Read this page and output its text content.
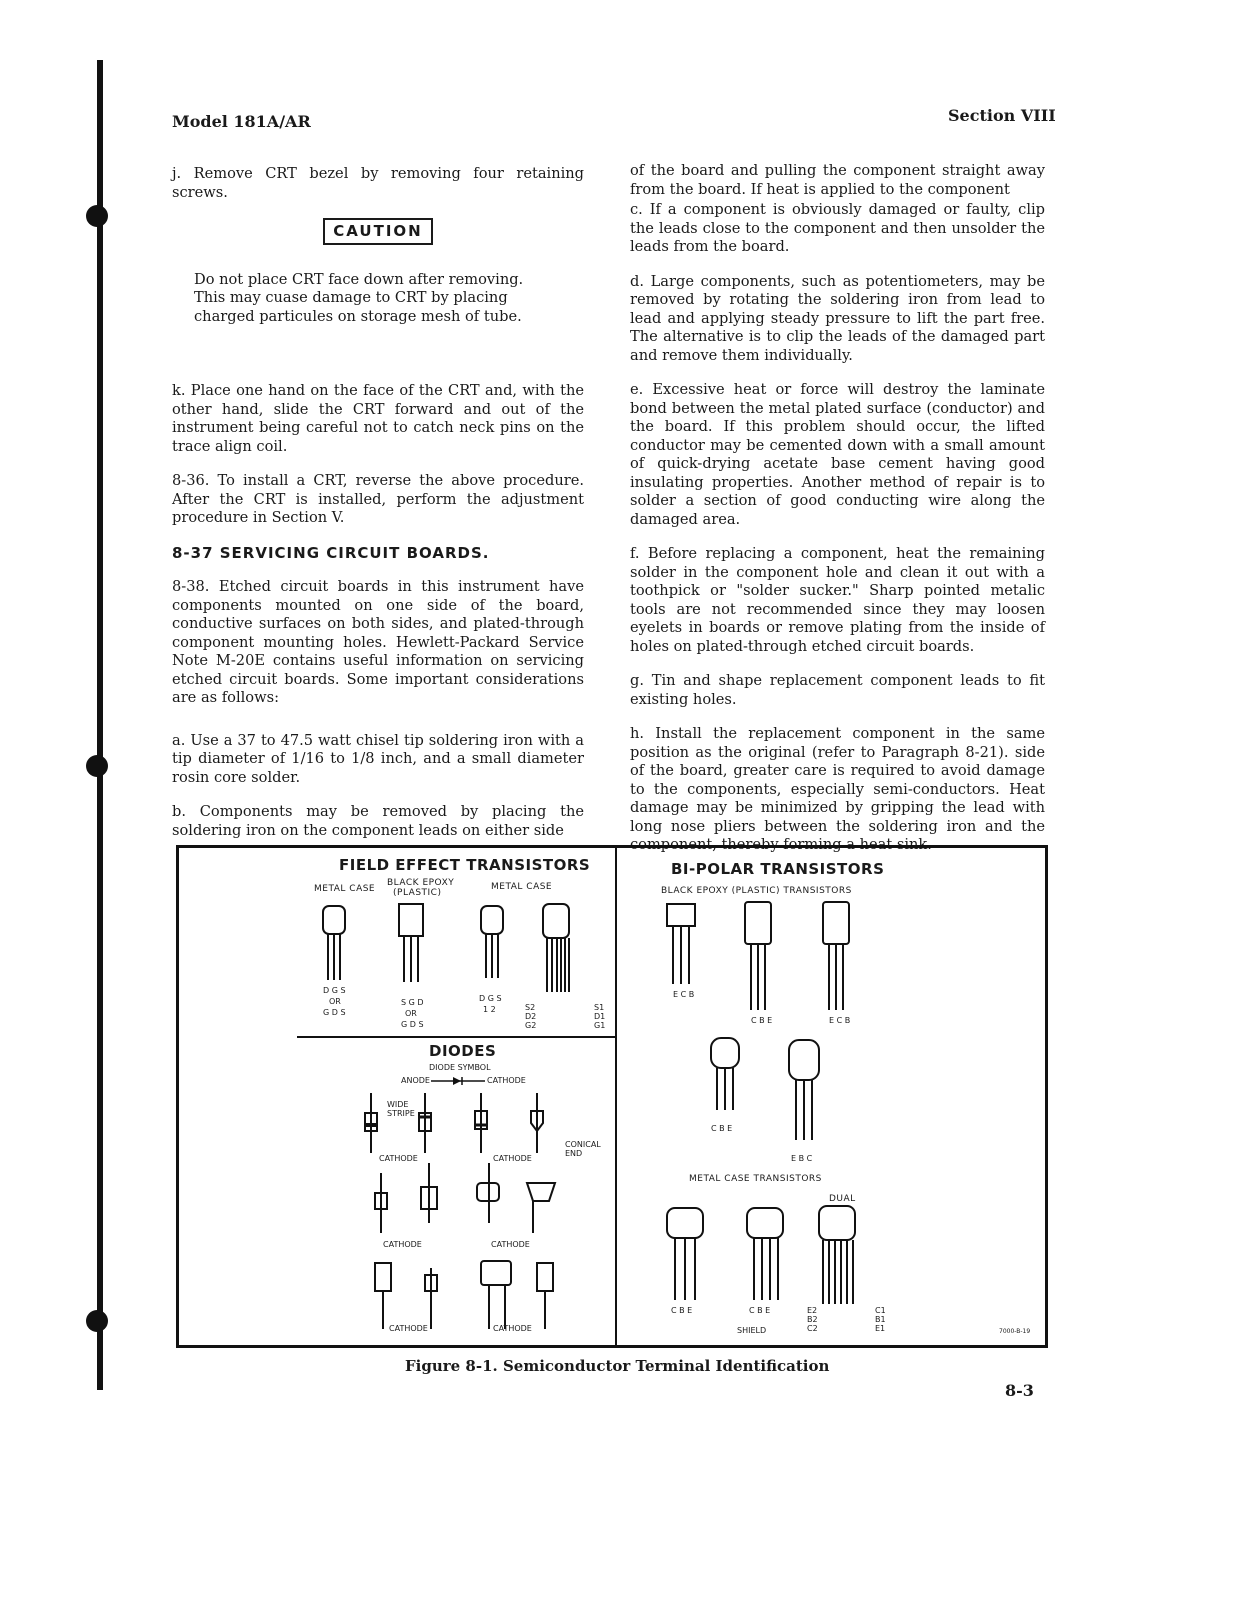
Model 181A/AR	Section VIII

j. Remove CRT bezel by removing four retaining screws.

CAUTION

Do not place CRT face down after removing. This may cuase damage to CRT by placing charged particules on storage mesh of tube.

k. Place one hand on the face of the CRT and, with the other hand, slide the CRT forward and out of the instrument being careful not to catch neck pins on the trace align coil.

8-36. To install a CRT, reverse the above procedure. After the CRT is installed, perform the adjustment procedure in Section V.

8-37 SERVICING CIRCUIT BOARDS.

8-38. Etched circuit boards in this instrument have components mounted on one side of the board, conductive surfaces on both sides, and plated-through component mounting holes. Hewlett-Packard Service Note M-20E contains useful information on servicing etched circuit boards. Some important considerations are as follows:

a. Use a 37 to 47.5 watt chisel tip soldering iron with a tip diameter of 1/16 to 1/8 inch, and a small diameter rosin core solder.

b. Components may be removed by placing the soldering iron on the component leads on either side

of the board and pulling the component straight away from the board. If heat is applied to the component

c. If a component is obviously damaged or faulty, clip the leads close to the component and then unsolder the leads from the board.

d. Large components, such as potentiometers, may be removed by rotating the soldering iron from lead to lead and applying steady pressure to lift the part free. The alternative is to clip the leads of the damaged part and remove them individually.

e. Excessive heat or force will destroy the laminate bond between the metal plated surface (conductor) and the board. If this problem should occur, the lifted conductor may be cemented down with a small amount of quick-drying acetate base cement having good insulating properties. Another method of repair is to solder a section of good conducting wire along the damaged area.

f. Before replacing a component, heat the remaining solder in the component hole and clean it out with a toothpick or "solder sucker." Sharp pointed metalic tools are not recommended since they may loosen eyelets in boards or remove plating from the inside of holes on plated-through etched circuit boards.

g. Tin and shape replacement component leads to fit existing holes.

h. Install the replacement component in the same position as the original (refer to Paragraph 8-21). side of the board, greater care is required to avoid damage to the components, especially semi-conductors. Heat damage may be minimized by gripping the lead with long nose pliers between the soldering iron and the component, thereby forming a heat sink.

FIELD EFFECT TRANSISTORS
METAL CASE
BLACK EPOXY
(PLASTIC)
METAL CASE
D G S
OR
G D S
S G D
OR
G D S
D G S
1 2	S2 D2 G2
S1 D1 G1
DIODES
DIODE SYMBOL
ANODE	CATHODE
WIDE STRIPE
CONICAL END
CATHODE	CATHODE
CATHODE	CATHODE
CATHODE	CATHODE
BI-POLAR TRANSISTORS
BLACK EPOXY (PLASTIC) TRANSISTORS
E C B
C B E	E C B
C B E
E B C
METAL CASE TRANSISTORS
DUAL
C B E	C B E
SHIELD
E2 B2 C2
C1 B1 E1	7000-B-19
Figure 8-1. Semiconductor Terminal Identification
8-3
